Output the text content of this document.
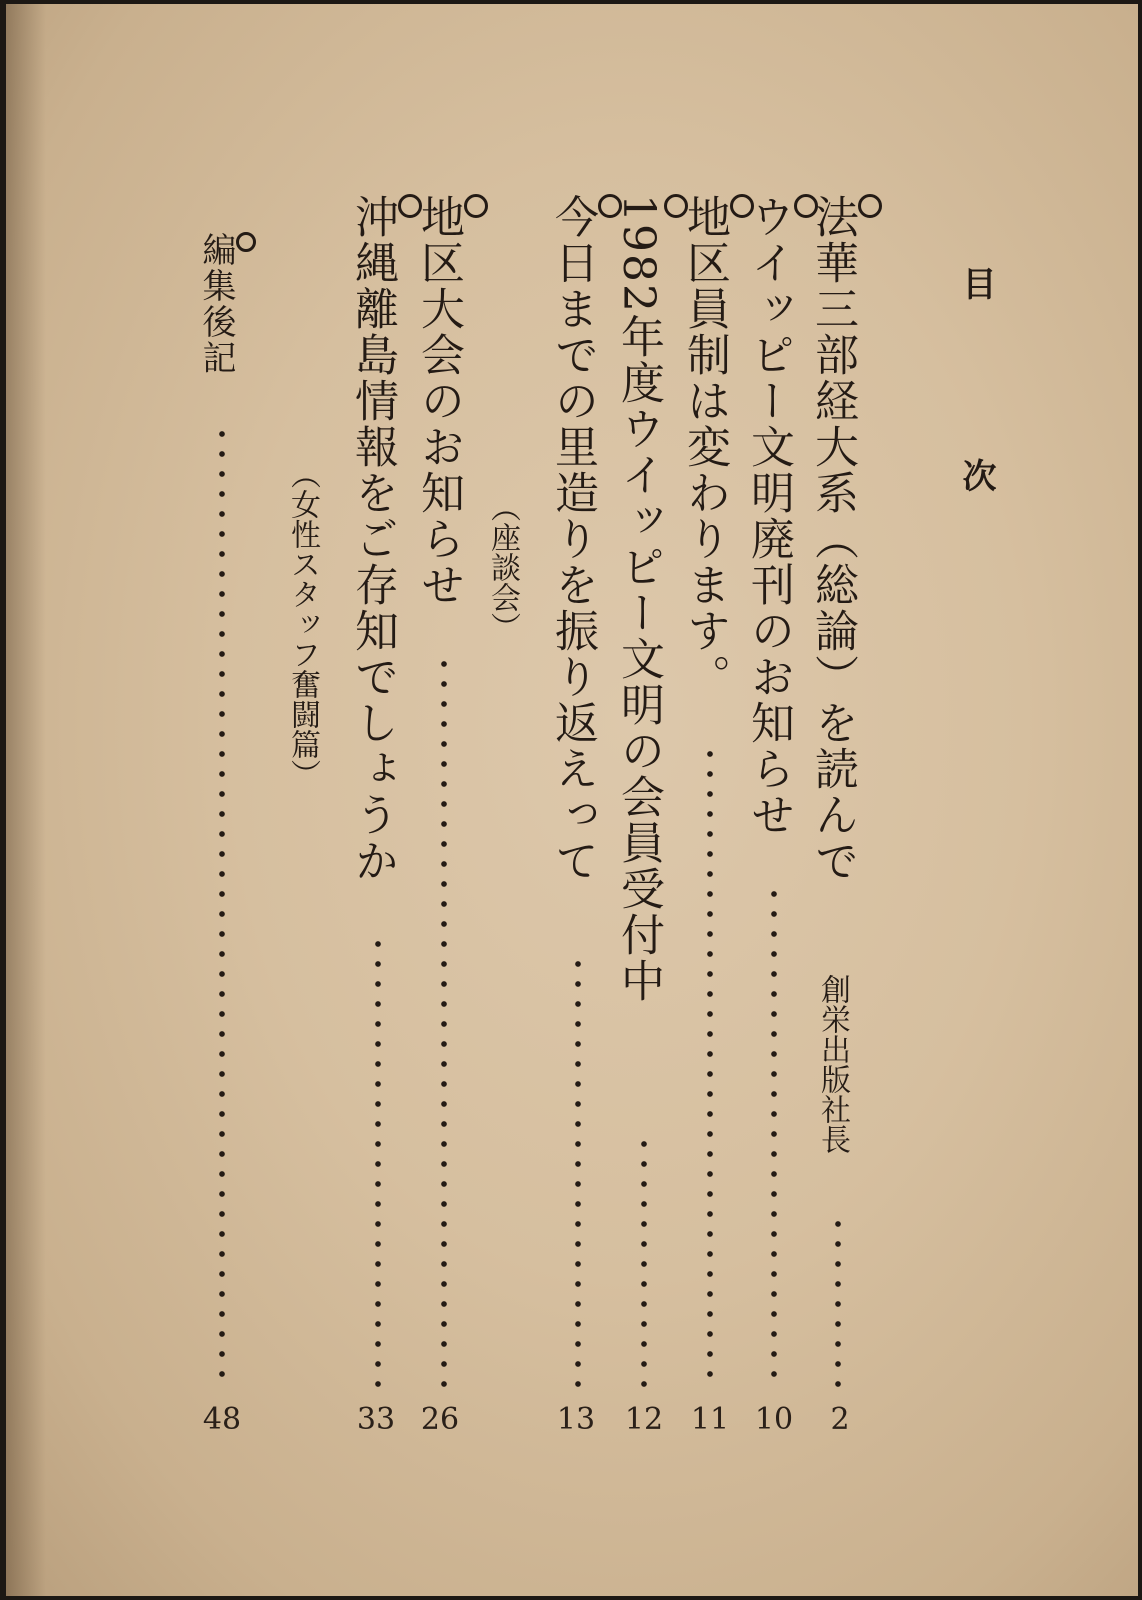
目　次
法華三部経大系（総論）を読んで
創栄出版社長
2
ウイッピー文明廃刊のお知らせ
10
地区員制は変わります。
11
1982年度ウイッピー文明の会員受付中
12
今日までの里造りを振り返えって
（座談会）
13
地区大会のお知らせ
26
沖縄離島情報をご存知でしょうか
（女性スタッフ奮闘篇）
33
編集後記
48
